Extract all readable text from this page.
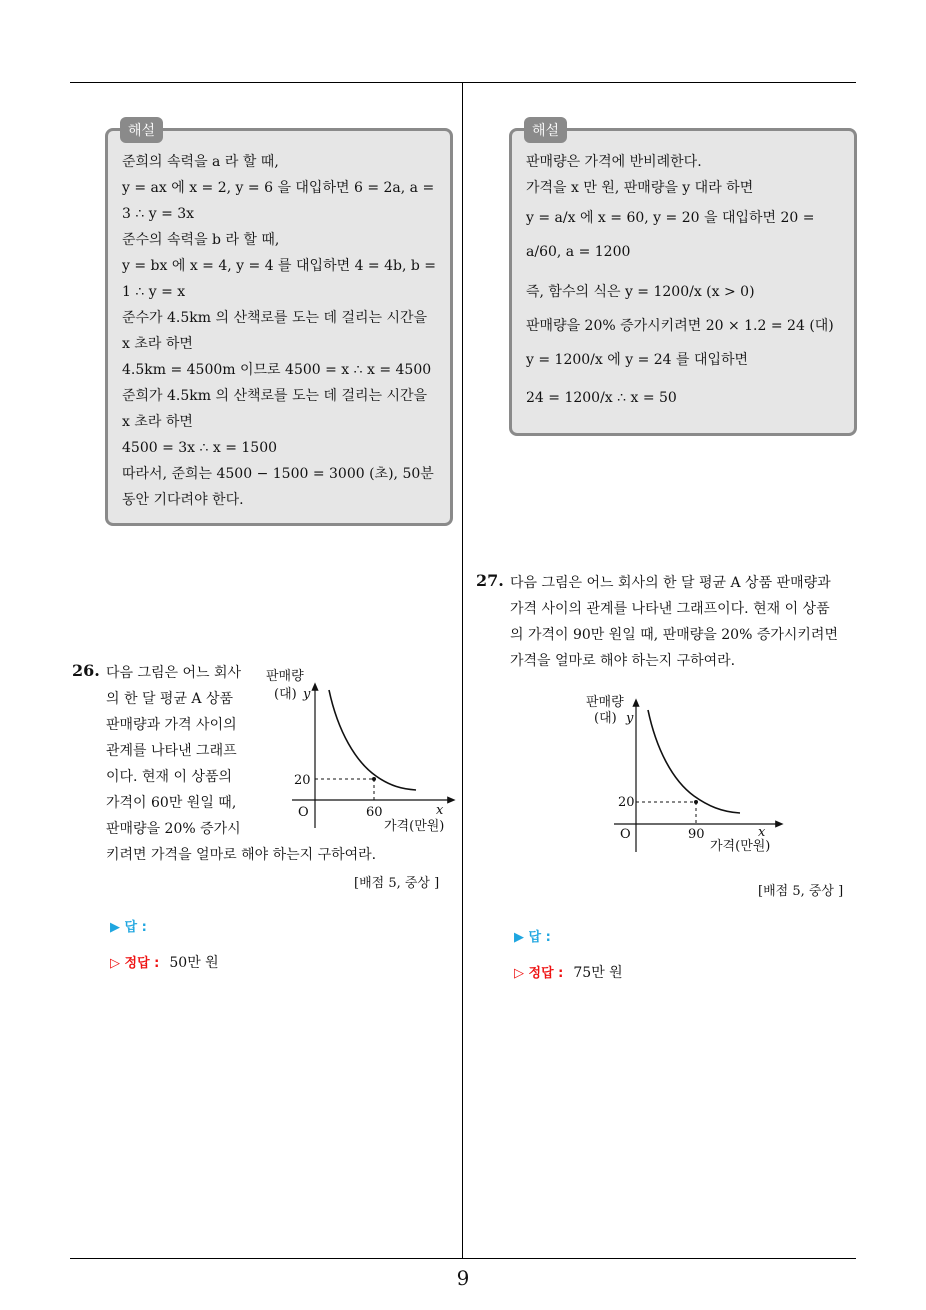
해설
준희의 속력을 a 라 할 때,
y = ax 에 x = 2, y = 6 을 대입하면 6 = 2a, a =
3 ∴ y = 3x
준수의 속력을 b 라 할 때,
y = bx 에 x = 4, y = 4 를 대입하면 4 = 4b, b =
1 ∴ y = x
준수가 4.5km 의 산책로를 도는 데 걸리는 시간을
x 초라 하면
4.5km = 4500m 이므로 4500 = x ∴ x = 4500
준희가 4.5km 의 산책로를 도는 데 걸리는 시간을
x 초라 하면
4500 = 3x ∴ x = 1500
따라서, 준희는 4500 − 1500 = 3000 (초), 50분
동안 기다려야 한다.
해설
판매량은 가격에 반비례한다.
가격을 x 만 원, 판매량을 y 대라 하면
y = a/x 에 x = 60, y = 20 을 대입하면 20 =
a/60, a = 1200
즉, 함수의 식은 y = 1200/x (x > 0)
판매량을 20% 증가시키려면 20 × 1.2 = 24 (대)
y = 1200/x 에 y = 24 를 대입하면
24 = 1200/x ∴ x = 50
26. 다음 그림은 어느 회사
의 한 달 평균 A 상품
판매량과 가격 사이의
관계를 나타낸 그래프
이다. 현재 이 상품의
가격이 60만 원일 때,
판매량을 20% 증가시
키려면 가격을 얼마로 해야 하는지 구하여라.
[배점 5, 중상 ]
판매량
(대) y
20
O	60	x
가격(만원)
▶ 답 :
▷ 정답 : 50만 원
27. 다음 그림은 어느 회사의 한 달 평균 A 상품 판매량과
가격 사이의 관계를 나타낸 그래프이다. 현재 이 상품
의 가격이 90만 원일 때, 판매량을 20% 증가시키려면
가격을 얼마로 해야 하는지 구하여라.
판매량
(대) y
20
O	90	x
가격(만원)
[배점 5, 중상 ]
▶ 답 :
▷ 정답 : 75만 원
9
